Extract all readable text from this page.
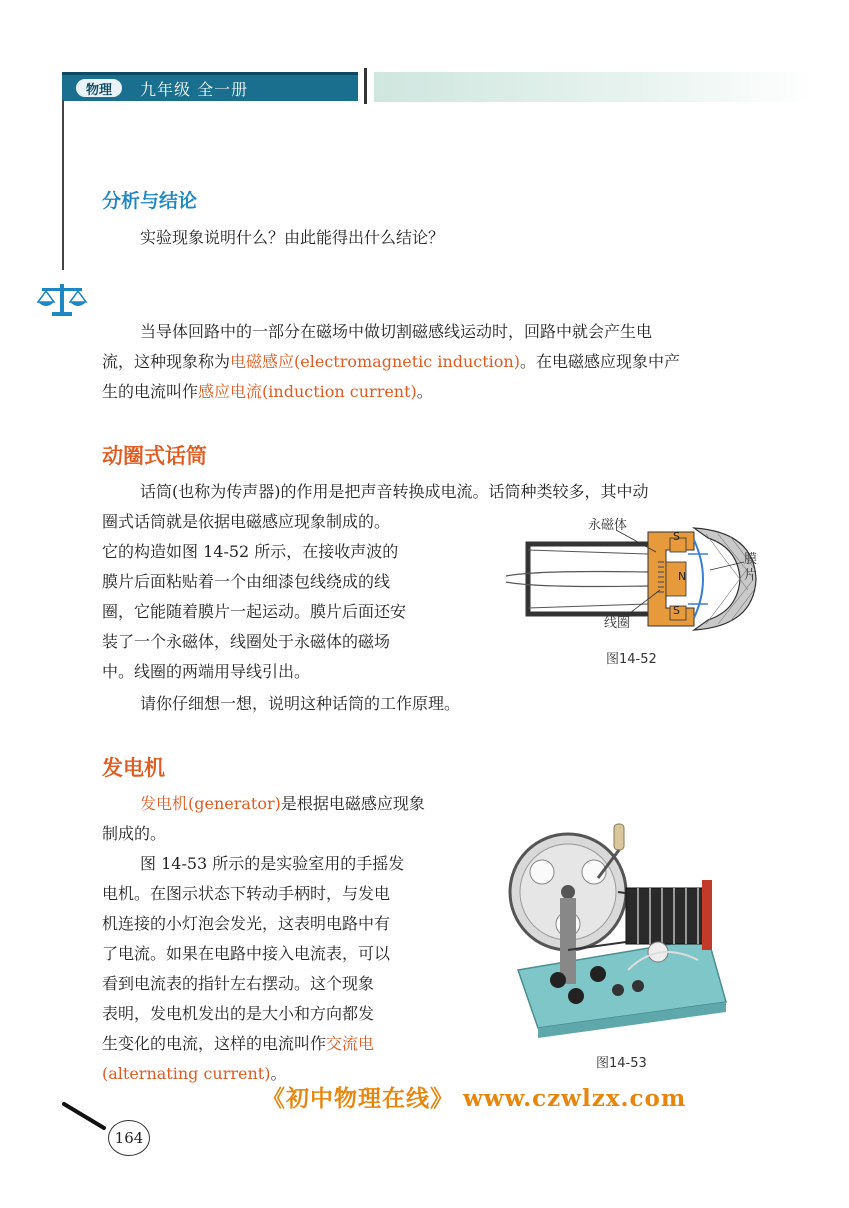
物理	九年级 全一册
分析与结论
实验现象说明什么？由此能得出什么结论？
当导体回路中的一部分在磁场中做切割磁感线运动时，回路中就会产生电
流，这种现象称为电磁感应(electromagnetic induction)。在电磁感应现象中产
生的电流叫作感应电流(induction current)。
动圈式话筒
话筒(也称为传声器)的作用是把声音转换成电流。话筒种类较多，其中动
圈式话筒就是依据电磁感应现象制成的。
它的构造如图 14-52 所示，在接收声波的
膜片后面粘贴着一个由细漆包线绕成的线
圈，它能随着膜片一起运动。膜片后面还安
装了一个永磁体，线圈处于永磁体的磁场
中。线圈的两端用导线引出。
请你仔细想一想，说明这种话筒的工作原理。
永磁体
线圈
膜片
S
N
S
图14-52
发电机
发电机(generator)是根据电磁感应现象
制成的。
图 14-53 所示的是实验室用的手摇发
电机。在图示状态下转动手柄时，与发电
机连接的小灯泡会发光，这表明电路中有
了电流。如果在电路中接入电流表，可以
看到电流表的指针左右摆动。这个现象
表明，发电机发出的是大小和方向都发
生变化的电流，这样的电流叫作交流电
(alternating current)。
图14-53
《初中物理在线》 www.czwlzx.com
164
